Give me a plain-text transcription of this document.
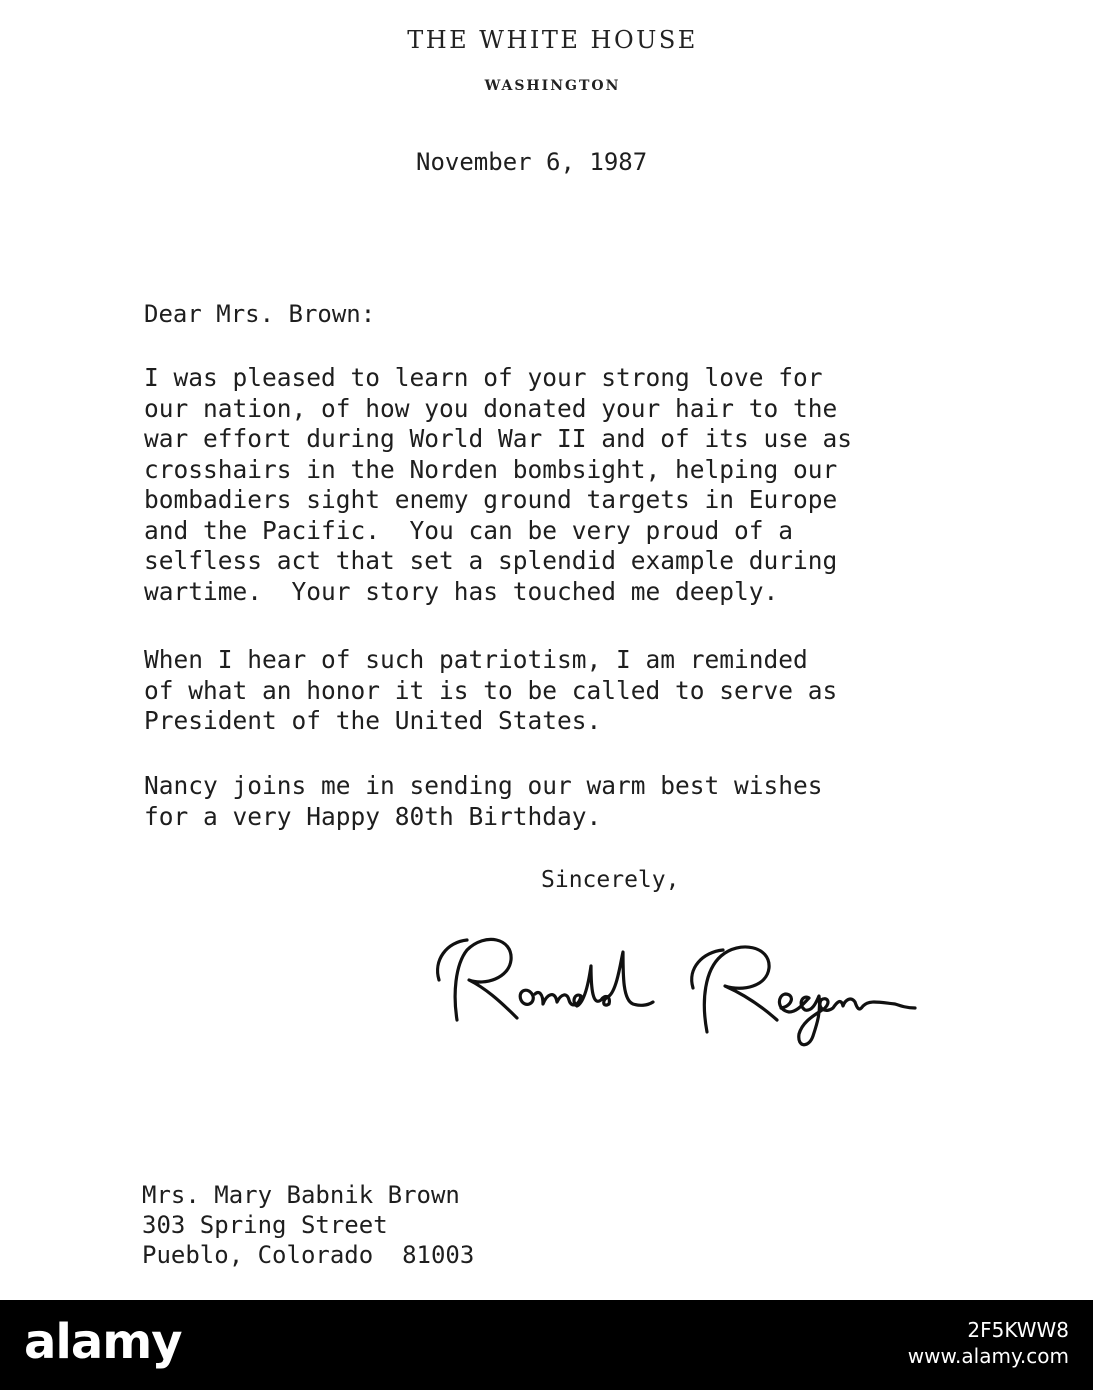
THE WHITE HOUSE
WASHINGTON
November 6, 1987
Dear Mrs. Brown:
I was pleased to learn of your strong love for
our nation, of how you donated your hair to the
war effort during World War II and of its use as
crosshairs in the Norden bombsight, helping our
bombadiers sight enemy ground targets in Europe
and the Pacific.  You can be very proud of a
selfless act that set a splendid example during
wartime.  Your story has touched me deeply.
When I hear of such patriotism, I am reminded
of what an honor it is to be called to serve as
President of the United States.
Nancy joins me in sending our warm best wishes
for a very Happy 80th Birthday.
Sincerely,
Mrs. Mary Babnik Brown
303 Spring Street
Pueblo, Colorado  81003
alamy	2F5KWW8
www.alamy.com
